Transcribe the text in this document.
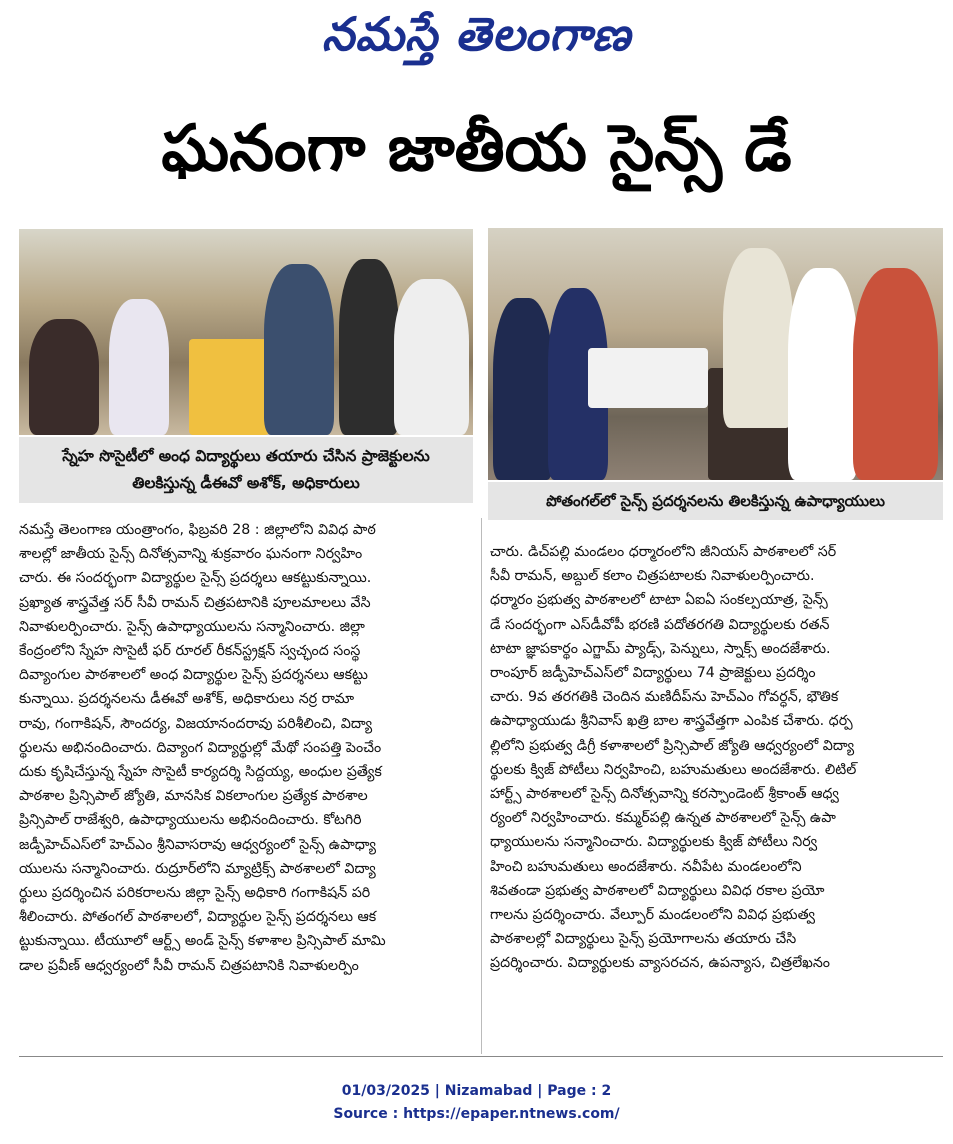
నమస్తే తెలంగాణ
ఘనంగా జాతీయ సైన్స్ డే
స్నేహ సొసైటీలో అంధ విద్యార్థులు తయారు చేసిన ప్రాజెక్టులను
తిలకిస్తున్న డీఈవో అశోక్, అధికారులు
పోతంగల్‌లో సైన్స్ ప్రదర్శనలను తిలకిస్తున్న ఉపాధ్యాయులు

నమస్తే తెలంగాణ యంత్రాంగం, ఫిబ్రవరి 28 : జిల్లాలోని వివిధ పాఠ

శాలల్లో జాతీయ సైన్స్ దినోత్సవాన్ని శుక్రవారం ఘనంగా నిర్వహిం

చారు. ఈ సందర్భంగా విద్యార్థుల సైన్స్ ప్రదర్శలు ఆకట్టుకున్నాయి.

ప్రఖ్యాత శాస్త్రవేత్త సర్ సీవీ రామన్ చిత్రపటానికి పూలమాలలు వేసి

నివాళులర్పించారు. సైన్స్ ఉపాధ్యాయులను సన్మానించారు. జిల్లా

కేంద్రంలోని స్నేహ సొసైటీ ఫర్ రూరల్ రీకన్‌స్ట్రక్షన్ స్వచ్ఛంద సంస్థ

దివ్యాంగుల పాఠశాలలో అంధ విద్యార్థుల సైన్స్ ప్రదర్శనలు ఆకట్టు

కున్నాయి. ప్రదర్శనలను డీఈవో అశోక్, అధికారులు నర్ర రామా

రావు, గంగాకిషన్, సౌందర్య, విజయానందరావు పరిశీలించి, విద్యా

ర్థులను అభినందించారు. దివ్యాంగ విద్యార్థుల్లో మేథో సంపత్తి పెంచేం

దుకు కృషిచేస్తున్న స్నేహ సొసైటీ కార్యదర్శి సిద్దయ్య, అంధుల ప్రత్యేక

పాఠశాల ప్రిన్సిపాల్ జ్యోతి, మానసిక వికలాంగుల ప్రత్యేక పాఠశాల

ప్రిన్సిపాల్ రాజేశ్వరి, ఉపాధ్యాయులను అభినందించారు. కోటగిరి

జడ్పీహెచ్‌ఎస్‌లో హెచ్‌ఎం శ్రీనివాసరావు ఆధ్వర్యంలో సైన్స్ ఉపాధ్యా

యులను సన్మానించారు. రుద్రూర్‌లోని మ్యాట్రిక్స్ పాఠశాలలో విద్యా

ర్థులు ప్రదర్శించిన పరికరాలను జిల్లా సైన్స్ అధికారి గంగాకిషన్ పరి

శీలించారు. పోతంగల్ పాఠశాలలో, విద్యార్థుల సైన్స్ ప్రదర్శనలు ఆక

ట్టుకున్నాయి. టీయూలో ఆర్ట్స్ అండ్ సైన్స్ కళాశాల ప్రిన్సిపాల్ మామి

డాల ప్రవీణ్ ఆధ్వర్యంలో సీవీ రామన్ చిత్రపటానికి నివాళులర్పిం

చారు. డిచ్‌పల్లి మండలం ధర్మారంలోని జీనియస్ పాఠశాలలో సర్

సీవీ రామన్, అబ్దుల్ కలాం చిత్రపటాలకు నివాళులర్పించారు.

ధర్మారం ప్రభుత్వ పాఠశాలలో టాటా ఏఐఏ సంకల్పయాత్ర, సైన్స్

డే సందర్భంగా ఎస్‌డీవోపీ భరణి పదోతరగతి విద్యార్థులకు రతన్

టాటా జ్ఞాపకార్థం ఎగ్జామ్ ప్యాడ్స్, పెన్నులు, స్నాక్స్ అందజేశారు.

రాంపూర్ జడ్పీహెచ్‌ఎస్‌లో విద్యార్థులు 74 ప్రాజెక్టులు ప్రదర్శిం

చారు. 9వ తరగతికి చెందిన మణిదీప్‌ను హెచ్‌ఎం గోవర్ధన్, భౌతిక

ఉపాధ్యాయుడు శ్రీనివాస్ ఖత్రి బాల శాస్త్రవేత్తగా ఎంపిక చేశారు. ధర్ప

ల్లిలోని ప్రభుత్వ డిగ్రీ కళాశాలలో ప్రిన్సిపాల్ జ్యోతి ఆధ్వర్యంలో విద్యా

ర్థులకు క్విజ్ పోటీలు నిర్వహించి, బహుమతులు అందజేశారు. లిటిల్

హార్ట్స్ పాఠశాలలో సైన్స్ దినోత్సవాన్ని కరస్పాండెంట్ శ్రీకాంత్ ఆధ్వ

ర్యంలో నిర్వహించారు. కమ్మర్‌పల్లి ఉన్నత పాఠశాలలో సైన్స్ ఉపా

ధ్యాయులను సన్మానించారు. విద్యార్థులకు క్విజ్ పోటీలు నిర్వ

హించి బహుమతులు అందజేశారు. నవీపేట మండలంలోని

శివతండా ప్రభుత్వ పాఠశాలలో విద్యార్థులు వివిధ రకాల ప్రయో

గాలను ప్రదర్శించారు. వేల్పూర్ మండలంలోని వివిధ ప్రభుత్వ

పాఠశాలల్లో విద్యార్థులు సైన్స్ ప్రయోగాలను తయారు చేసి

ప్రదర్శించారు. విద్యార్థులకు వ్యాసరచన, ఉపన్యాస, చిత్రలేఖనం

01/03/2025 | Nizamabad | Page : 2
Source : https://epaper.ntnews.com/
